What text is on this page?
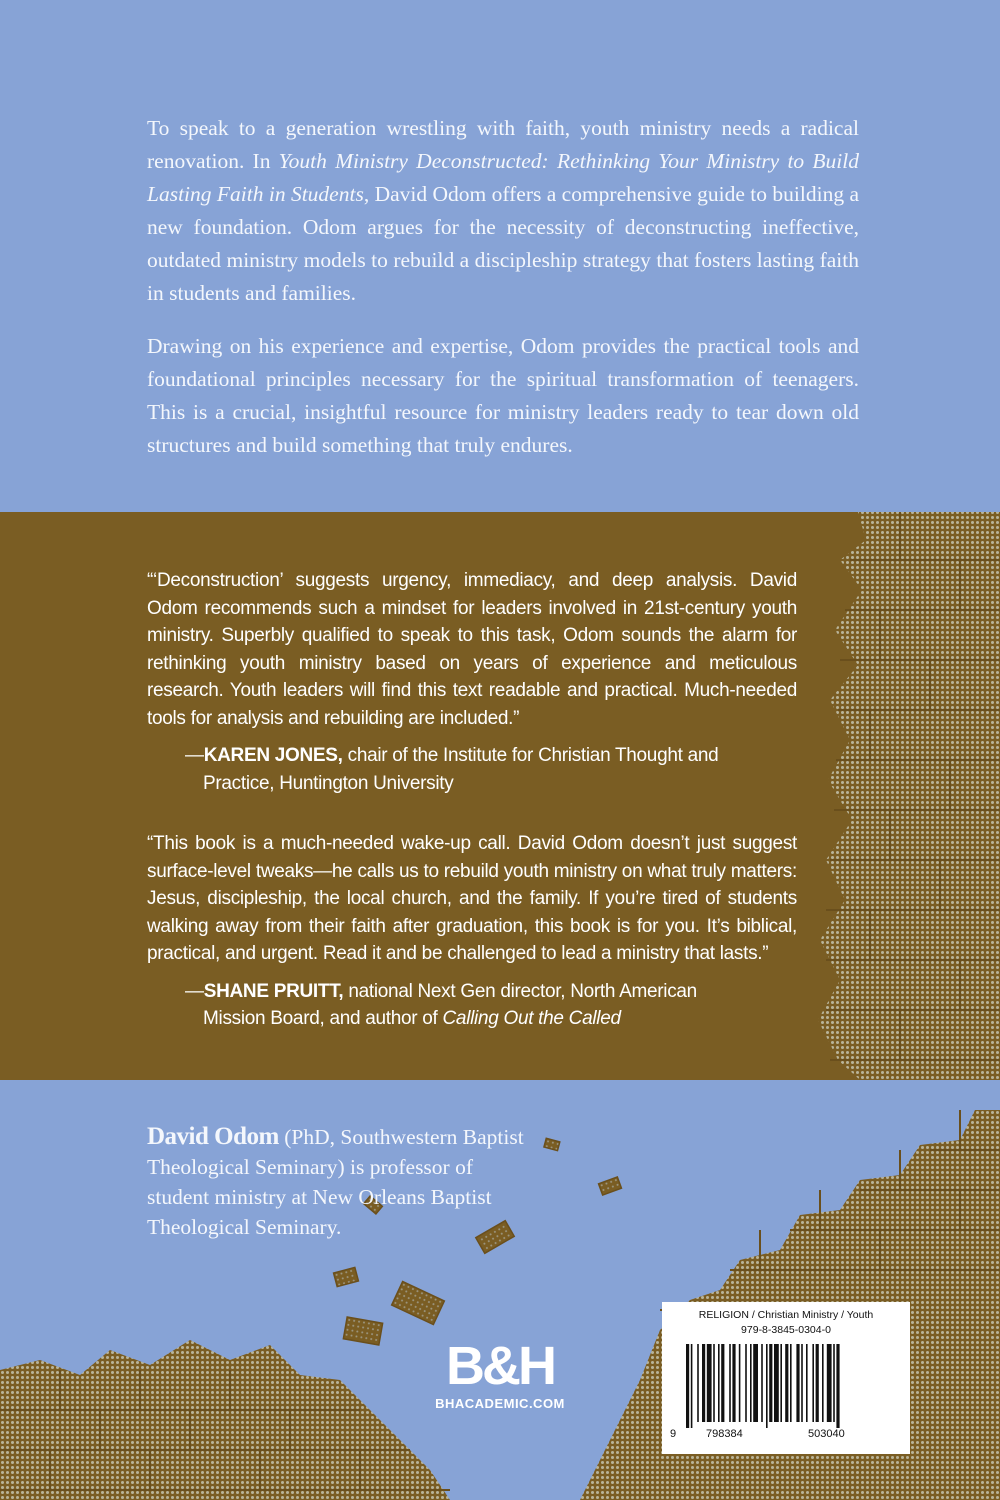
To speak to a generation wrestling with faith, youth ministry needs a radical renovation. In Youth Ministry Deconstructed: Rethinking Your Ministry to Build Lasting Faith in Students, David Odom offers a comprehensive guide to building a new foundation. Odom argues for the necessity of deconstructing ineffective, outdated ministry models to rebuild a discipleship strategy that fosters lasting faith in students and families.

Drawing on his experience and expertise, Odom provides the practical tools and foundational principles necessary for the spiritual transformation of teenagers. This is a crucial, insightful resource for ministry leaders ready to tear down old structures and build something that truly endures.

“‘Deconstruction’ suggests urgency, immediacy, and deep analysis. David Odom recommends such a mindset for leaders involved in 21st-century youth ministry. Superbly qualified to speak to this task, Odom sounds the alarm for rethinking youth ministry based on years of experience and meticulous research. Youth leaders will find this text readable and practical. Much-needed tools for analysis and rebuilding are included.”

—KAREN JONES, chair of the Institute for Christian Thought and Practice, Huntington University

“This book is a much-needed wake-up call. David Odom doesn’t just suggest surface-level tweaks—he calls us to rebuild youth ministry on what truly matters: Jesus, discipleship, the local church, and the family. If you’re tired of students walking away from their faith after graduation, this book is for you. It’s biblical, practical, and urgent. Read it and be challenged to lead a ministry that lasts.”

—SHANE PRUITT, national Next Gen director, North American Mission Board, and author of Calling Out the Called

David Odom (PhD, Southwestern Baptist Theological Seminary) is professor of student ministry at New Orleans Baptist Theological Seminary.
B&H
BHACADEMIC.COM
RELIGION / Christian Ministry / Youth
979-8-3845-0304-0
9	798384	503040
